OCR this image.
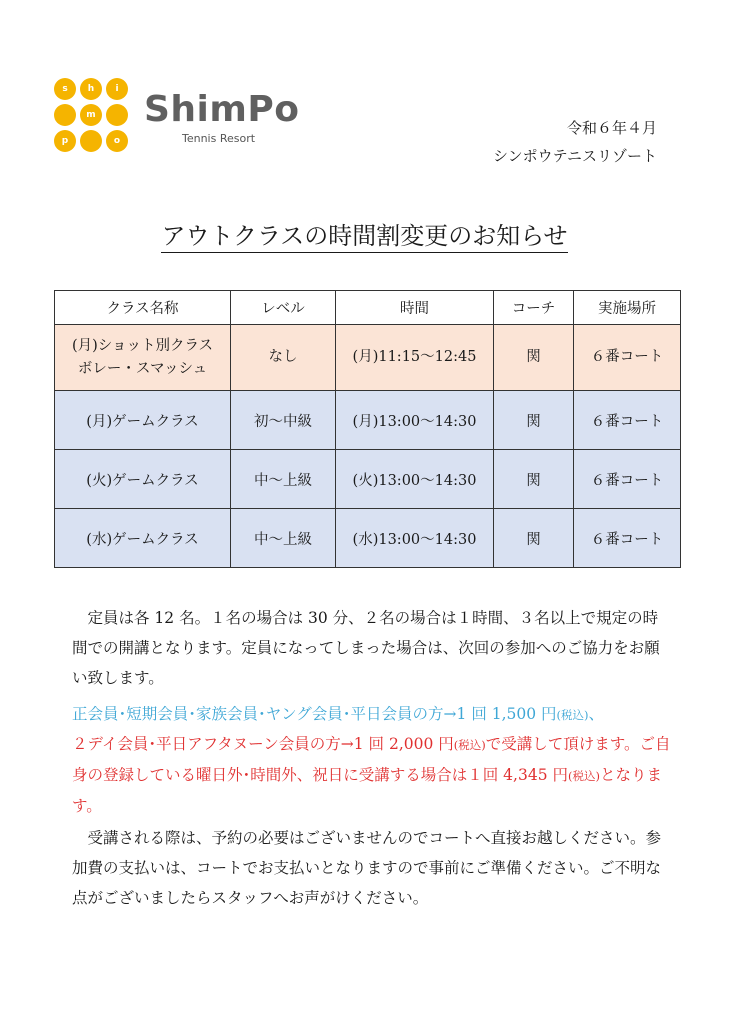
s	h	i
m
p	o
ShimPo
Tennis Resort
令和６年４月
シンポウテニスリゾート
アウトクラスの時間割変更のお知らせ
クラス名称	レベル	時間	コーチ	実施場所

(月)ショット別クラス
ボレー・スマッシュ	なし	(月)11:15～12:45	関	６番コート
(月)ゲームクラス	初～中級	(月)13:00～14:30	関	６番コート
(火)ゲームクラス	中～上級	(火)13:00～14:30	関	６番コート
(水)ゲームクラス	中～上級	(水)13:00～14:30	関	６番コート
　定員は各 12 名。１名の場合は 30 分、２名の場合は１時間、３名以上で規定の時間での開講となります。定員になってしまった場合は、次回の参加へのご協力をお願い致します。
正会員･短期会員･家族会員･ヤング会員･平日会員の方→1 回 1,500 円(税込)、
２デイ会員･平日アフタヌーン会員の方→1 回 2,000 円(税込)で受講して頂けます。ご自身の登録している曜日外･時間外、祝日に受講する場合は１回 4,345 円(税込)となります。
　受講される際は、予約の必要はございませんのでコートへ直接お越しください。参加費の支払いは、コートでお支払いとなりますので事前にご準備ください。ご不明な点がございましたらスタッフへお声がけください。
